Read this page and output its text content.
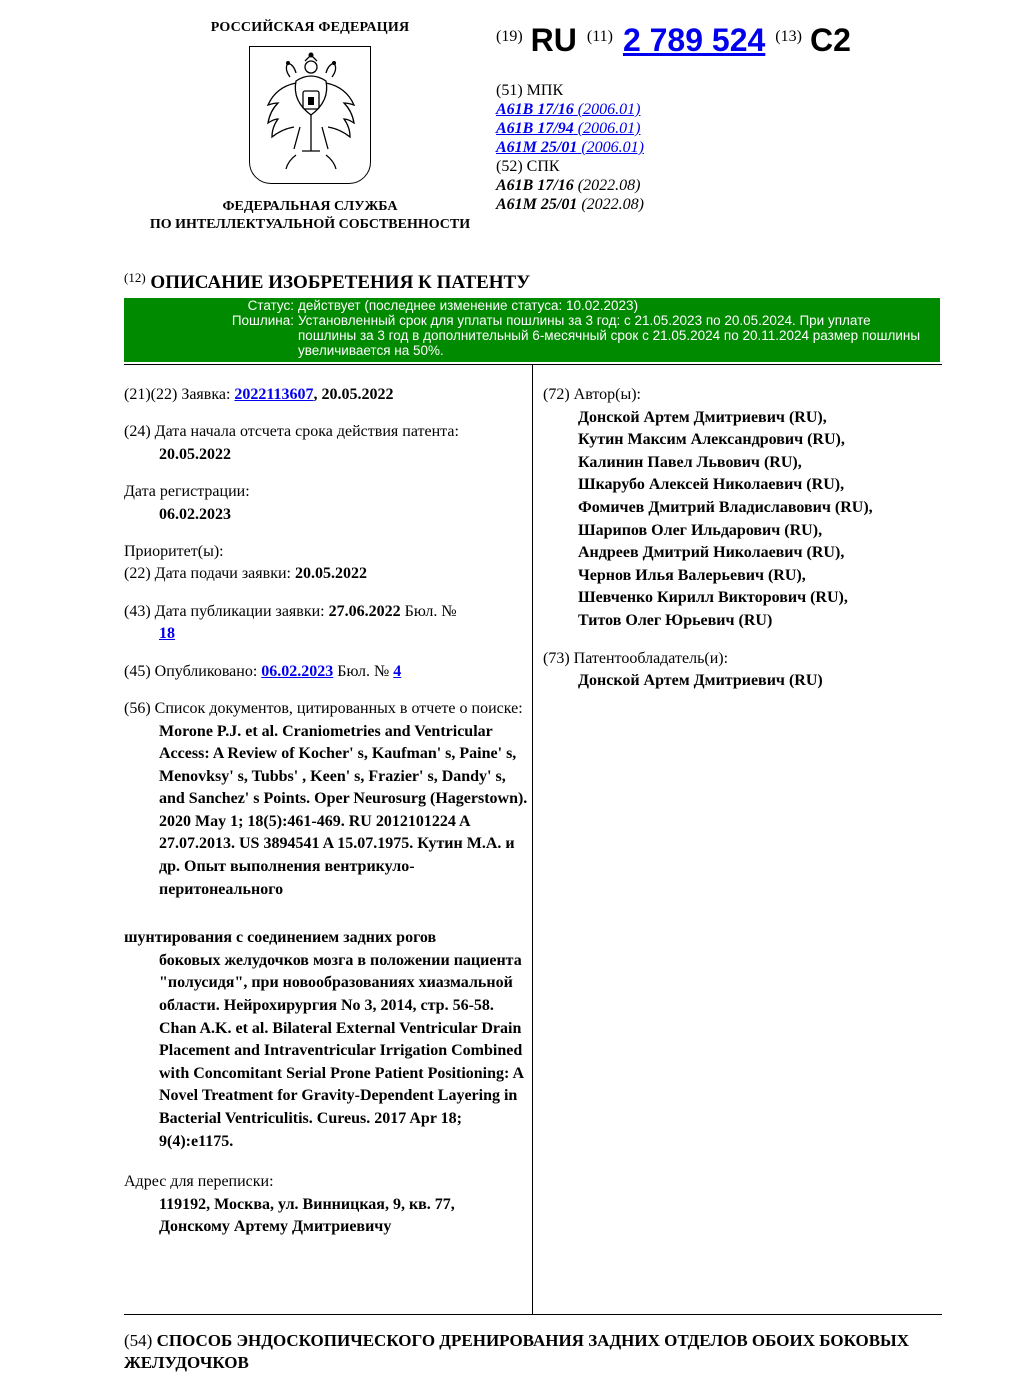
РОССИЙСКАЯ ФЕДЕРАЦИЯ
ФЕДЕРАЛЬНАЯ СЛУЖБА
ПО ИНТЕЛЛЕКТУАЛЬНОЙ СОБСТВЕННОСТИ
(19) RU (11) 2 789 524 (13) C2
(51) МПК
A61B 17/16 (2006.01)
A61B 17/94 (2006.01)
A61M 25/01 (2006.01)
(52) СПК
A61B 17/16 (2022.08)
A61M 25/01 (2022.08)
$^{(12)}$ ОПИСАНИЕ ИЗОБРЕТЕНИЯ К ПАТЕНТУ
Статус: действует (последнее изменение статуса: 10.02.2023)
Пошлина: Установленный срок для уплаты пошлины за 3 год: с 21.05.2023 по 20.05.2024. При уплате пошлины за 3 год в дополнительный 6-месячный срок с 21.05.2024 по 20.11.2024 размер пошлины увеличивается на 50%.
(21)(22) Заявка: 2022113607, 20.05.2022
(24) Дата начала отсчета срока действия патента:
20.05.2022
Дата регистрации:
06.02.2023
Приоритет(ы):
(22) Дата подачи заявки: 20.05.2022
(43) Дата публикации заявки: 27.06.2022 Бюл. №
18
(45) Опубликовано: 06.02.2023 Бюл. № 4
(56) Список документов, цитированных в отчете о поиске: Morone P.J. et al. Craniometries and Ventricular Access: A Review of Kocher' s, Kaufman' s, Paine' s, Menovksy' s, Tubbs' , Keen' s, Frazier' s, Dandy' s, and Sanchez' s Points. Oper Neurosurg (Hagerstown). 2020 May 1; 18(5):461-469. RU 2012101224 A 27.07.2013. US 3894541 A 15.07.1975. Кутин М.А. и др. Опыт выполнения вентрикуло-перитонеального
шунтирования с соединением задних рогов
боковых желудочков мозга в положении пациента "полусидя", при новообразованиях хиазмальной области. Нейрохирургия No 3, 2014, стр. 56-58. Chan A.K. et al. Bilateral External Ventricular Drain Placement and Intraventricular Irrigation Combined with Concomitant Serial Prone Patient Positioning: A Novel Treatment for Gravity-Dependent Layering in Bacterial Ventriculitis. Cureus. 2017 Apr 18; 9(4):e1175.
Адрес для переписки:
119192, Москва, ул. Винницкая, 9, кв. 77,
Донскому Артему Дмитриевичу
(72) Автор(ы):
Донской Артем Дмитриевич (RU),
Кутин Максим Александрович (RU),
Калинин Павел Львович (RU),
Шкарубо Алексей Николаевич (RU),
Фомичев Дмитрий Владиславович (RU),
Шарипов Олег Ильдарович (RU),
Андреев Дмитрий Николаевич (RU),
Чернов Илья Валерьевич (RU),
Шевченко Кирилл Викторович (RU),
Титов Олег Юрьевич (RU)
(73) Патентообладатель(и):
Донской Артем Дмитриевич (RU)
(54) СПОСОБ ЭНДОСКОПИЧЕСКОГО ДРЕНИРОВАНИЯ ЗАДНИХ ОТДЕЛОВ ОБОИХ БОКОВЫХ ЖЕЛУДОЧКОВ
